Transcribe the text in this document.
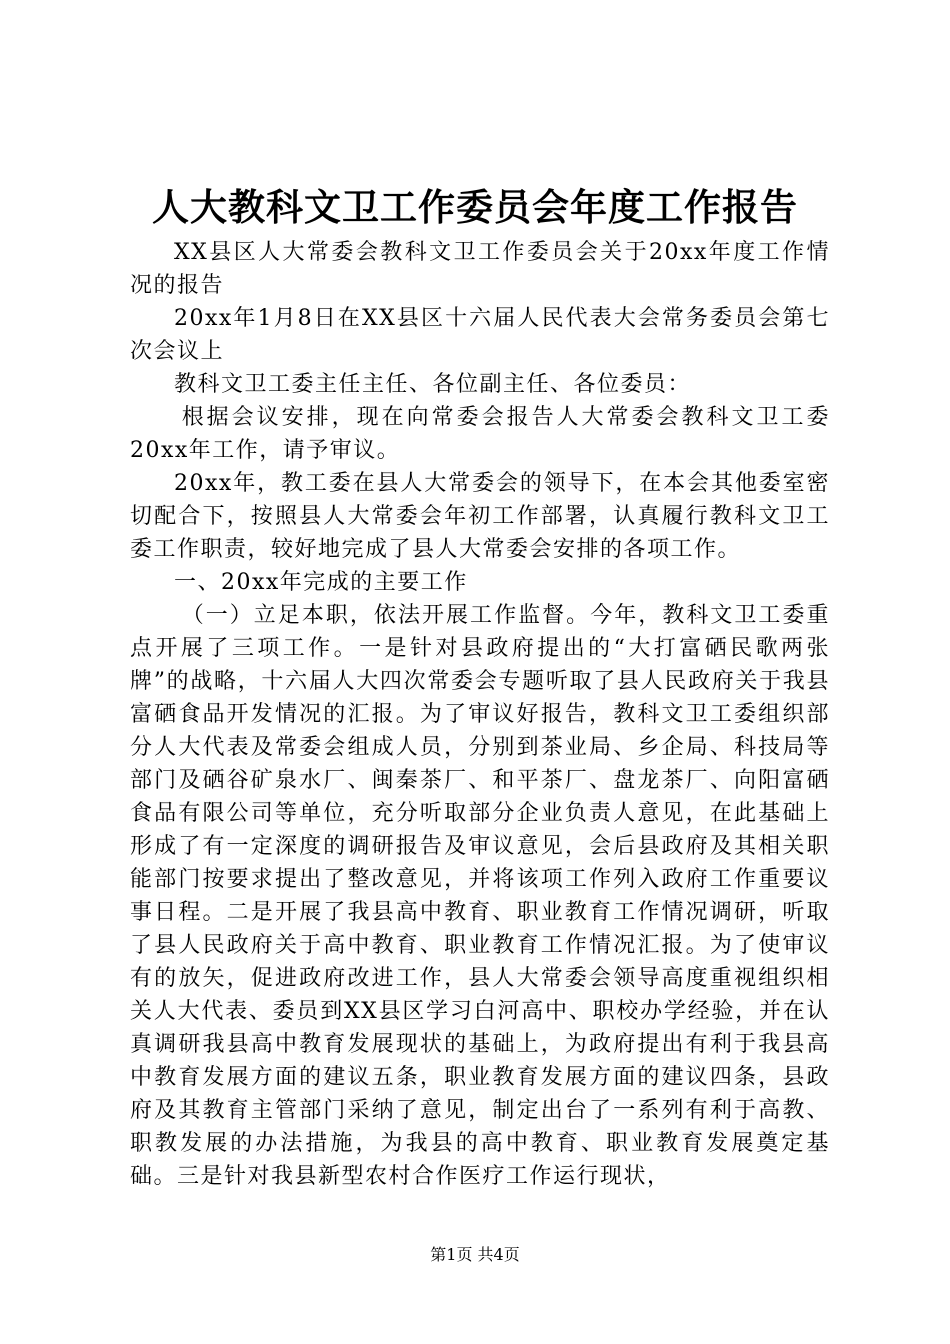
人大教科文卫工作委员会年度工作报告

XX县区人大常委会教科文卫工作委员会关于20xx年度工作情况的报告

20xx年1月8日在XX县区十六届人民代表大会常务委员会第七次会议上

教科文卫工委主任主任、各位副主任、各位委员：

根据会议安排，现在向常委会报告人大常委会教科文卫工委20xx年工作，请予审议。

20xx年，教工委在县人大常委会的领导下，在本会其他委室密切配合下，按照县人大常委会年初工作部署，认真履行教科文卫工委工作职责，较好地完成了县人大常委会安排的各项工作。

一、20xx年完成的主要工作

（一）立足本职，依法开展工作监督。今年，教科文卫工委重点开展了三项工作。一是针对县政府提出的“大打富硒民歌两张牌”的战略，十六届人大四次常委会专题听取了县人民政府关于我县富硒食品开发情况的汇报。为了审议好报告，教科文卫工委组织部分人大代表及常委会组成人员，分别到茶业局、乡企局、科技局等部门及硒谷矿泉水厂、闽秦茶厂、和平茶厂、盘龙茶厂、向阳富硒食品有限公司等单位，充分听取部分企业负责人意见，在此基础上形成了有一定深度的调研报告及审议意见，会后县政府及其相关职能部门按要求提出了整改意见，并将该项工作列入政府工作重要议事日程。二是开展了我县高中教育、职业教育工作情况调研，听取了县人民政府关于高中教育、职业教育工作情况汇报。为了使审议有的放矢，促进政府改进工作，县人大常委会领导高度重视组织相关人大代表、委员到XX县区学习白河高中、职校办学经验，并在认真调研我县高中教育发展现状的基础上，为政府提出有利于我县高中教育发展方面的建议五条，职业教育发展方面的建议四条，县政府及其教育主管部门采纳了意见，制定出台了一系列有利于高教、职教发展的办法措施，为我县的高中教育、职业教育发展奠定基础。三是针对我县新型农村合作医疗工作运行现状，

第1页 共4页
